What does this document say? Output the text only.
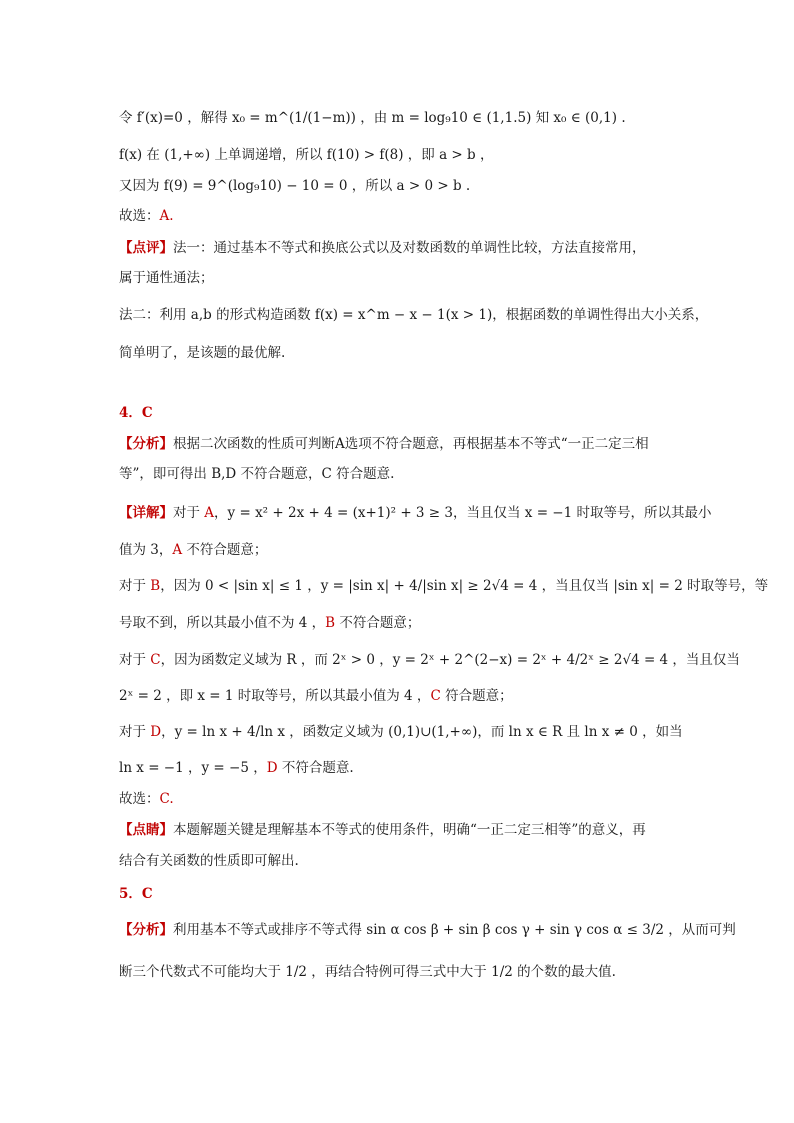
令 f′(x)=0 ，解得 x₀ = m^(1/(1−m)) ，由 m = log₉10 ∈ (1,1.5) 知 x₀ ∈ (0,1) .
f(x) 在 (1,+∞) 上单调递增，所以 f(10) > f(8) ，即 a > b ，
又因为 f(9) = 9^(log₉10) − 10 = 0 ，所以 a > 0 > b .
故选：A.
【点评】法一：通过基本不等式和换底公式以及对数函数的单调性比较，方法直接常用，
属于通性通法；
法二：利用 a,b 的形式构造函数 f(x) = x^m − x − 1(x > 1)，根据函数的单调性得出大小关系，
简单明了，是该题的最优解.
4．C
【分析】根据二次函数的性质可判断A选项不符合题意，再根据基本不等式“一正二定三相
等”，即可得出 B,D 不符合题意，C 符合题意.
【详解】对于 A，y = x² + 2x + 4 = (x+1)² + 3 ≥ 3，当且仅当 x = −1 时取等号，所以其最小
值为 3，A 不符合题意；
对于 B，因为 0 < |sin x| ≤ 1 ，y = |sin x| + 4/|sin x| ≥ 2√4 = 4 ，当且仅当 |sin x| = 2 时取等号，等
号取不到，所以其最小值不为 4 ，B 不符合题意；
对于 C，因为函数定义域为 R ，而 2ˣ > 0 ，y = 2ˣ + 2^(2−x) = 2ˣ + 4/2ˣ ≥ 2√4 = 4 ，当且仅当
2ˣ = 2 ，即 x = 1 时取等号，所以其最小值为 4 ，C 符合题意；
对于 D，y = ln x + 4/ln x ，函数定义域为 (0,1)∪(1,+∞)，而 ln x ∈ R 且 ln x ≠ 0 ，如当
ln x = −1 ，y = −5 ，D 不符合题意.
故选：C.
【点睛】本题解题关键是理解基本不等式的使用条件，明确“一正二定三相等”的意义，再
结合有关函数的性质即可解出.
5．C
【分析】利用基本不等式或排序不等式得 sin α cos β + sin β cos γ + sin γ cos α ≤ 3/2 ，从而可判
断三个代数式不可能均大于 1/2 ，再结合特例可得三式中大于 1/2 的个数的最大值.
